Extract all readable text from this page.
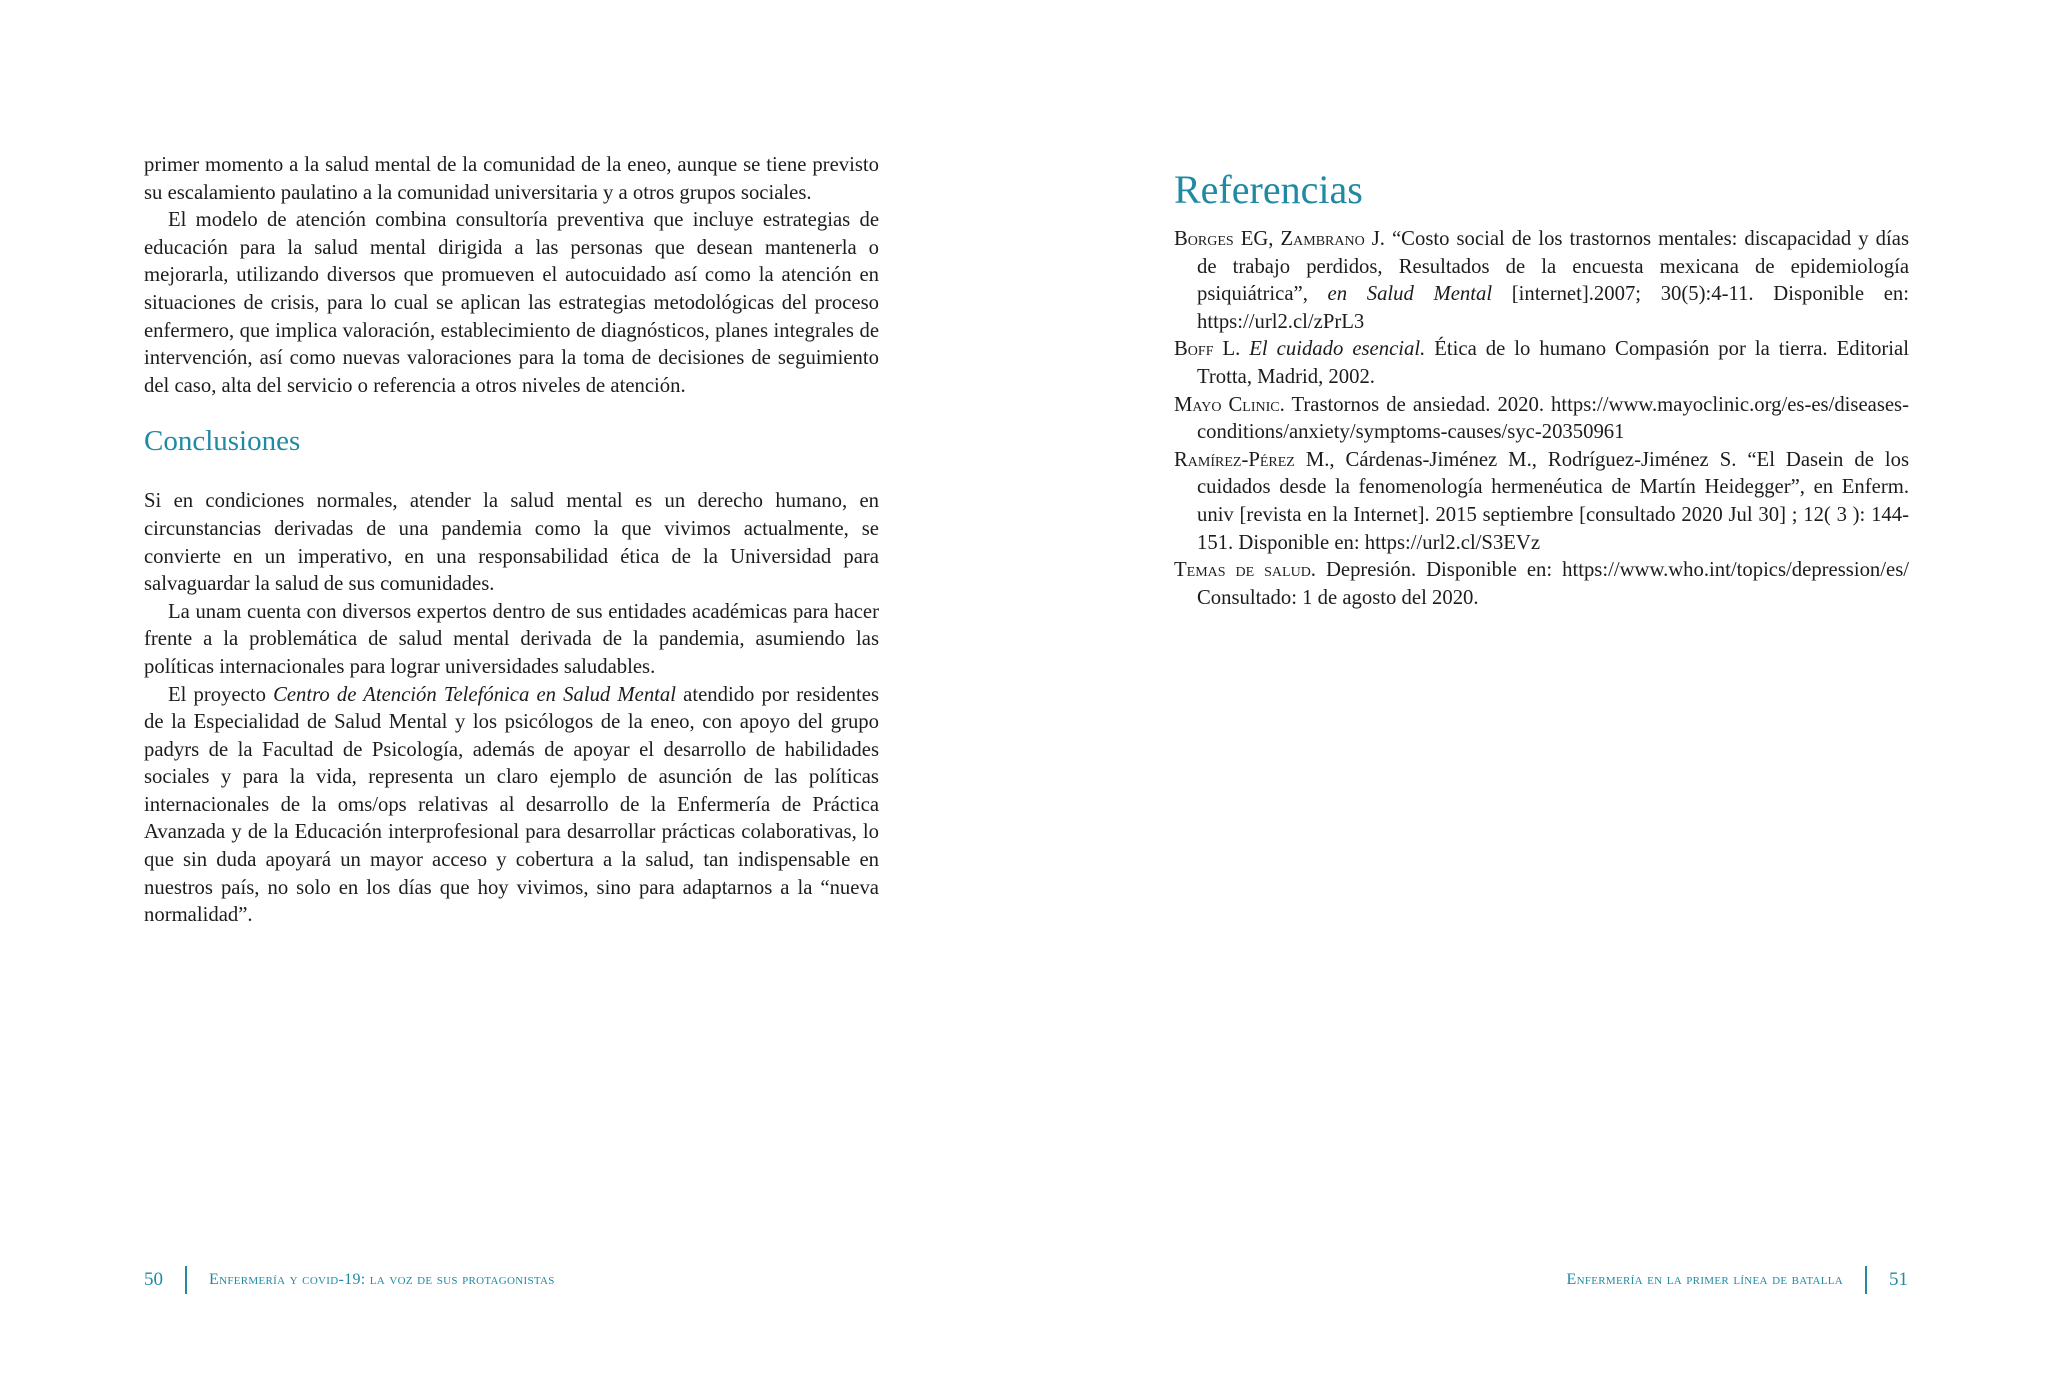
primer momento a la salud mental de la comunidad de la eneo, aunque se tiene previsto su escalamiento paulatino a la comunidad universitaria y a otros grupos sociales.

El modelo de atención combina consultoría preventiva que incluye estrategias de educación para la salud mental dirigida a las personas que desean mantenerla o mejorarla, utilizando diversos que promueven el autocuidado así como la atención en situaciones de crisis, para lo cual se aplican las estrategias metodológicas del proceso enfermero, que implica valoración, establecimiento de diagnósticos, planes integrales de intervención, así como nuevas valoraciones para la toma de decisiones de seguimiento del caso, alta del servicio o referencia a otros niveles de atención.

Conclusiones

Si en condiciones normales, atender la salud mental es un derecho humano, en circunstancias derivadas de una pandemia como la que vivimos actualmente, se convierte en un imperativo, en una responsabilidad ética de la Universidad para salvaguardar la salud de sus comunidades.

La unam cuenta con diversos expertos dentro de sus entidades académicas para hacer frente a la problemática de salud mental derivada de la pandemia, asumiendo las políticas internacionales para lograr universidades saludables.

El proyecto Centro de Atención Telefónica en Salud Mental atendido por residentes de la Especialidad de Salud Mental y los psicólogos de la eneo, con apoyo del grupo padyrs de la Facultad de Psicología, además de apoyar el desarrollo de habilidades sociales y para la vida, representa un claro ejemplo de asunción de las políticas internacionales de la oms/ops relativas al desarrollo de la Enfermería de Práctica Avanzada y de la Educación interprofesional para desarrollar prácticas colaborativas, lo que sin duda apoyará un mayor acceso y cobertura a la salud, tan indispensable en nuestros país, no solo en los días que hoy vivimos, sino para adaptarnos a la “nueva normalidad”.

50	Enfermería y covid-19: la voz de sus protagonistas
Referencias

Borges EG, Zambrano J. “Costo social de los trastornos mentales: discapacidad y días de trabajo perdidos, Resultados de la encuesta mexicana de epidemiología psiquiátrica”, en Salud Mental [internet].2007; 30(5):4-11. Disponible en: https://url2.cl/zPrL3

Boff L. El cuidado esencial. Ética de lo humano Compasión por la tierra. Editorial Trotta, Madrid, 2002.

Mayo Clinic. Trastornos de ansiedad. 2020. https://www.mayoclinic.org/es-es/diseases-conditions/anxiety/symptoms-causes/syc-20350961

Ramírez-Pérez M., Cárdenas-Jiménez M., Rodríguez-Jiménez S. “El Dasein de los cuidados desde la fenomenología hermenéutica de Martín Heidegger”, en Enferm. univ [revista en la Internet]. 2015 septiembre [consultado 2020 Jul 30] ; 12( 3 ): 144-151. Disponible en: https://url2.cl/S3EVz

Temas de salud. Depresión. Disponible en: https://www.who.int/topics/depression/es/ Consultado: 1 de agosto del 2020.

Enfermería en la primer línea de batalla 51
